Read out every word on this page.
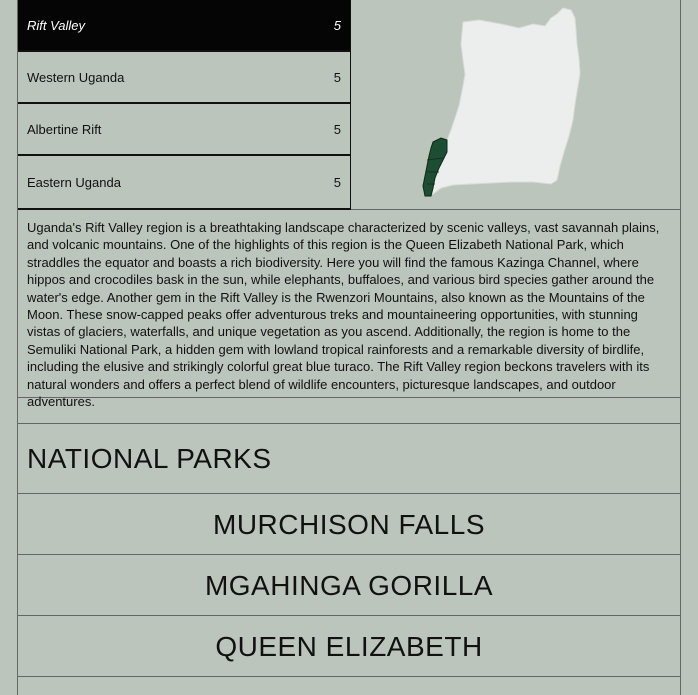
Rift Valley	5
Western Uganda	5
Albertine Rift	5
Eastern Uganda	5
Uganda's Rift Valley region is a breathtaking landscape characterized by scenic valleys, vast savannah plains, and volcanic mountains. One of the highlights of this region is the Queen Elizabeth National Park, which straddles the equator and boasts a rich biodiversity. Here you will find the famous Kazinga Channel, where hippos and crocodiles bask in the sun, while elephants, buffaloes, and various bird species gather around the water's edge. Another gem in the Rift Valley is the Rwenzori Mountains, also known as the Mountains of the Moon. These snow-capped peaks offer adventurous treks and mountaineering opportunities, with stunning vistas of glaciers, waterfalls, and unique vegetation as you ascend. Additionally, the region is home to the Semuliki National Park, a hidden gem with lowland tropical rainforests and a remarkable diversity of birdlife, including the elusive and strikingly colorful great blue turaco. The Rift Valley region beckons travelers with its natural wonders and offers a perfect blend of wildlife encounters, picturesque landscapes, and outdoor adventures.
NATIONAL PARKS
MURCHISON FALLS
MGAHINGA GORILLA
QUEEN ELIZABETH
